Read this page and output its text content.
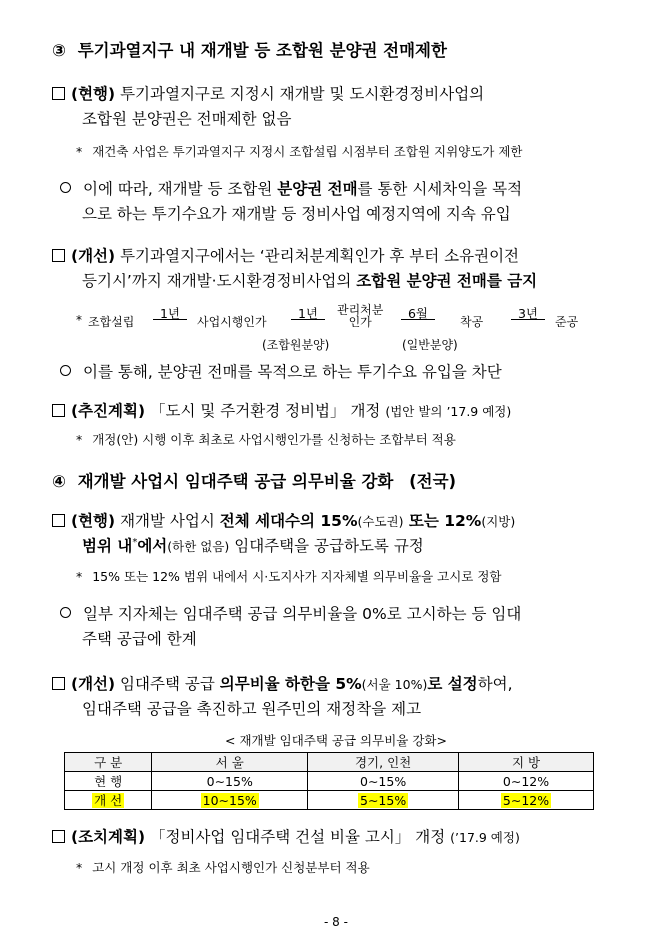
③ 투기과열지구 내 재개발 등 조합원 분양권 전매제한
(현행) 투기과열지구로 지정시 재개발 및 도시환경정비사업의
조합원 분양권은 전매제한 없음
* 재건축 사업은 투기과열지구 지정시 조합설립 시점부터 조합원 지위양도가 제한
이에 따라, 재개발 등 조합원 분양권 전매를 통한 시세차익을 목적
으로 하는 투기수요가 재개발 등 정비사업 예정지역에 지속 유입
(개선) 투기과열지구에서는 ‘관리처분계획인가 후 부터 소유권이전
등기시’까지 재개발·도시환경정비사업의 조합원 분양권 전매를 금지
* 조합설립
1년
사업시행인가
1년 관리처분
인가
6월
착공
3년
준공
(조합원분양)	(일반분양)
이를 통해, 분양권 전매를 목적으로 하는 투기수요 유입을 차단
(추진계획) 「도시 및 주거환경 정비법」 개정 (법안 발의 ’17.9 예정)
* 개정(안) 시행 이후 최초로 사업시행인가를 신청하는 조합부터 적용
④ 재개발 사업시 임대주택 공급 의무비율 강화 (전국)
(현행) 재개발 사업시 전체 세대수의 15%(수도권) 또는 12%(지방)
범위 내*에서(하한 없음) 임대주택을 공급하도록 규정
* 15% 또는 12% 범위 내에서 시·도지사가 지자체별 의무비율을 고시로 정함
일부 지자체는 임대주택 공급 의무비율을 0%로 고시하는 등 임대
주택 공급에 한계
(개선) 임대주택 공급 의무비율 하한을 5%(서울 10%)로 설정하여,
임대주택 공급을 촉진하고 원주민의 재정착을 제고
< 재개발 임대주택 공급 의무비율 강화>
구 분	서 울	경기, 인천	지 방
현 행	0∼15%	0∼15%	0∼12%
개 선	10∼15%	5∼15%	5∼12%
(조치계획) 「정비사업 임대주택 건설 비율 고시」 개정 (’17.9 예정)
* 고시 개정 이후 최초 사업시행인가 신청분부터 적용
- 8 -
